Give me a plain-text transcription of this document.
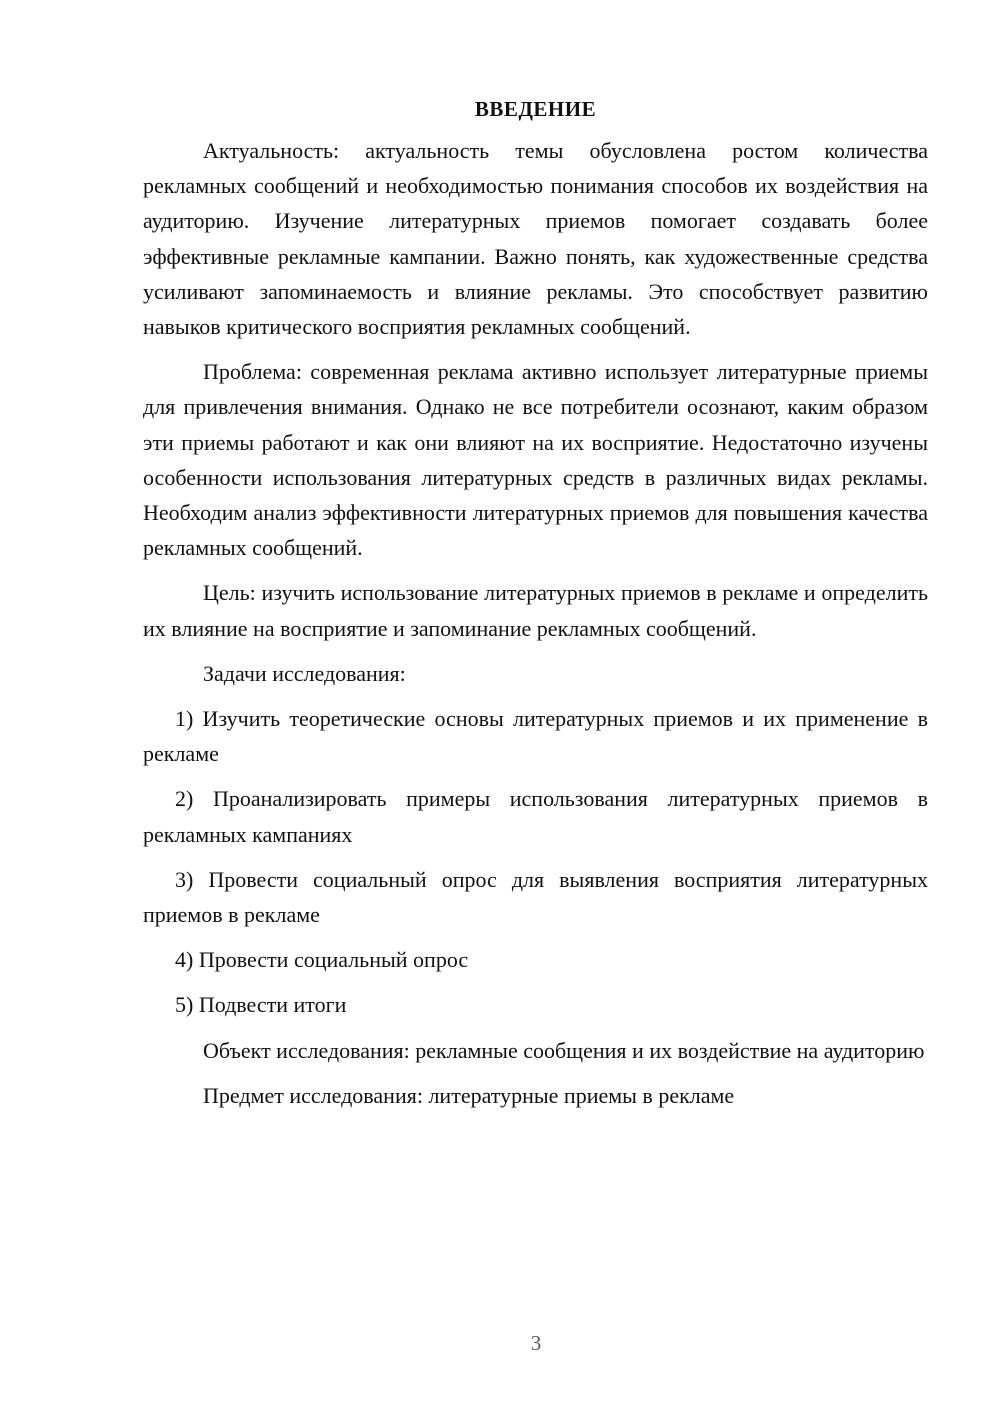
ВВЕДЕНИЕ

Актуальность: актуальность темы обусловлена ростом количества рекламных сообщений и необходимостью понимания способов их воздействия на аудиторию. Изучение литературных приемов помогает создавать более эффективные рекламные кампании. Важно понять, как художественные средства усиливают запоминаемость и влияние рекламы. Это способствует развитию навыков критического восприятия рекламных сообщений.

Проблема: современная реклама активно использует литературные приемы для привлечения внимания. Однако не все потребители осознают, каким образом эти приемы работают и как они влияют на их восприятие. Недостаточно изучены особенности использования литературных средств в различных видах рекламы. Необходим анализ эффективности литературных приемов для повышения качества рекламных сообщений.

Цель: изучить использование литературных приемов в рекламе и определить их влияние на восприятие и запоминание рекламных сообщений.

Задачи исследования:

1) Изучить теоретические основы литературных приемов и их применение в рекламе

2) Проанализировать примеры использования литературных приемов в рекламных кампаниях

3) Провести социальный опрос для выявления восприятия литературных приемов в рекламе

4) Провести социальный опрос

5) Подвести итоги

Объект исследования: рекламные сообщения и их воздействие на аудиторию

Предмет исследования: литературные приемы в рекламе

3
